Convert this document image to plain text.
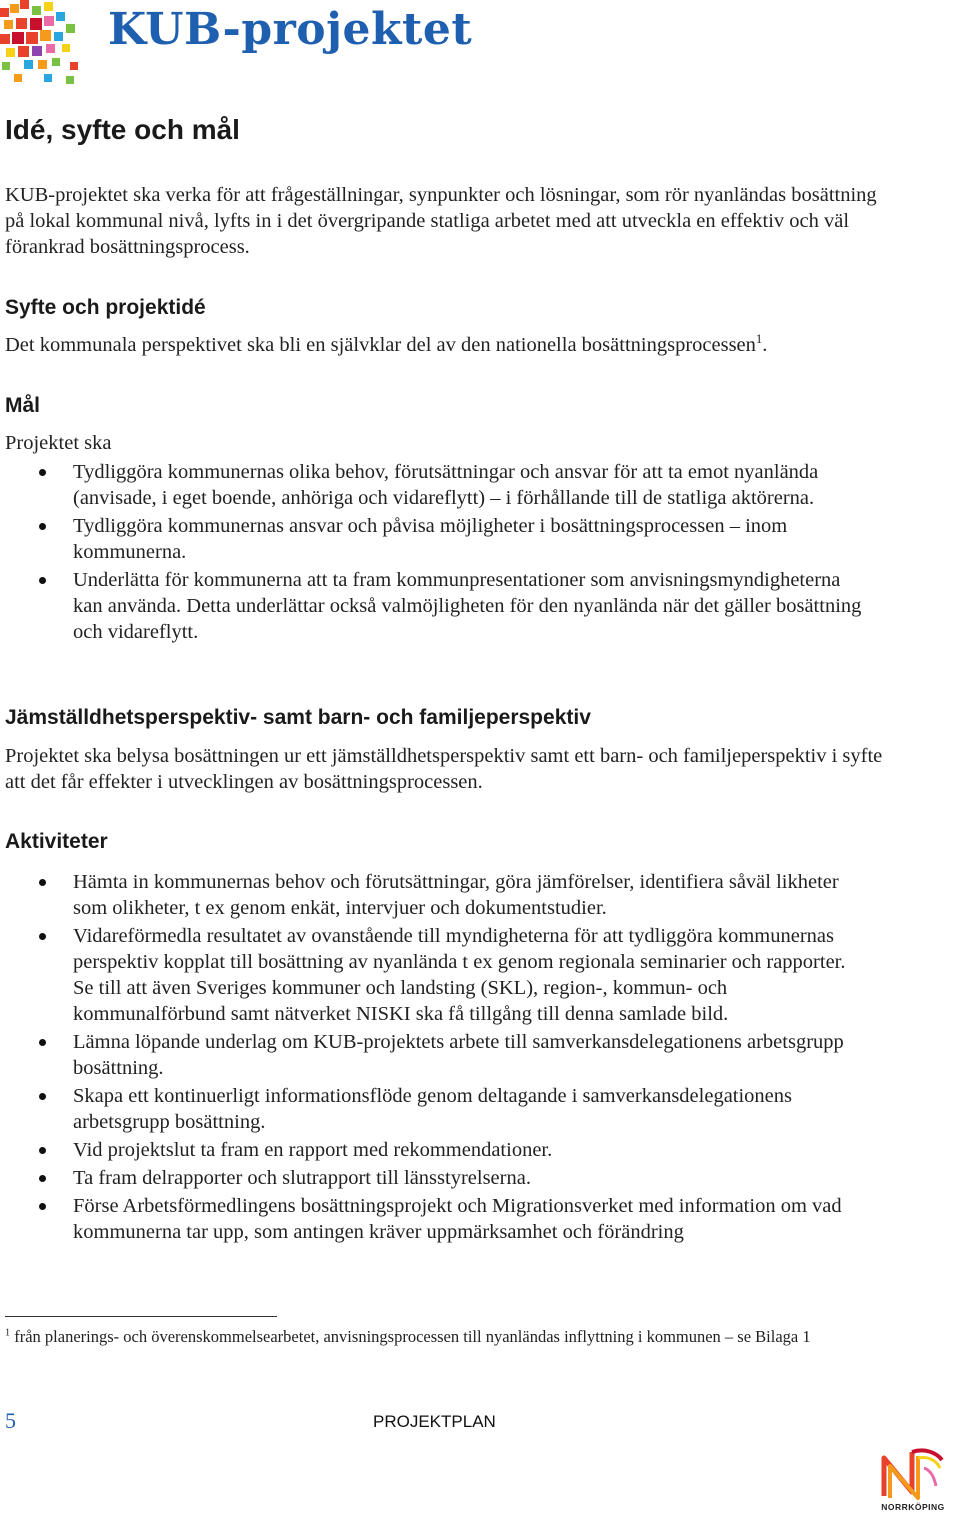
KUB-projektet
Idé, syfte och mål

KUB-projektet ska verka för att frågeställningar, synpunkter och lösningar, som rör nyanländas bosättning på lokal kommunal nivå, lyfts in i det övergripande statliga arbetet med att utveckla en effektiv och väl förankrad bosättningsprocess.

Syfte och projektidé

Det kommunala perspektivet ska bli en självklar del av den nationella bosättningsprocessen$^1$.

Mål

Projektet ska

Tydliggöra kommunernas olika behov, förutsättningar och ansvar för att ta emot nyanlända (anvisade, i eget boende, anhöriga och vidareflytt) – i förhållande till de statliga aktörerna.
Tydliggöra kommunernas ansvar och påvisa möjligheter i bosättningsprocessen – inom kommunerna.
Underlätta för kommunerna att ta fram kommunpresentationer som anvisningsmyndigheterna kan använda. Detta underlättar också valmöjligheten för den nyanlända när det gäller bosättning och vidareflytt.
Jämställdhetsperspektiv- samt barn- och familjeperspektiv

Projektet ska belysa bosättningen ur ett jämställdhetsperspektiv samt ett barn- och familjeperspektiv i syfte att det får effekter i utvecklingen av bosättningsprocessen.

Aktiviteter
Hämta in kommunernas behov och förutsättningar, göra jämförelser, identifiera såväl likheter som olikheter, t ex genom enkät, intervjuer och dokumentstudier.
Vidareförmedla resultatet av ovanstående till myndigheterna för att tydliggöra kommunernas perspektiv kopplat till bosättning av nyanlända t ex genom regionala seminarier och rapporter. Se till att även Sveriges kommuner och landsting (SKL), region-, kommun- och kommunalförbund samt nätverket NISKI ska få tillgång till denna samlade bild.
Lämna löpande underlag om KUB-projektets arbete till samverkansdelegationens arbetsgrupp bosättning.
Skapa ett kontinuerligt informationsflöde genom deltagande i samverkansdelegationens arbetsgrupp bosättning.
Vid projektslut ta fram en rapport med rekommendationer.
Ta fram delrapporter och slutrapport till länsstyrelserna.
Förse Arbetsförmedlingens bosättningsprojekt och Migrationsverket med information om vad kommunerna tar upp, som antingen kräver uppmärksamhet och förändring

$^1$ från planerings- och överenskommelsearbetet, anvisningsprocessen till nyanländas inflyttning i kommunen – se Bilaga 1

5	PROJEKTPLAN
NORRKÖPING
